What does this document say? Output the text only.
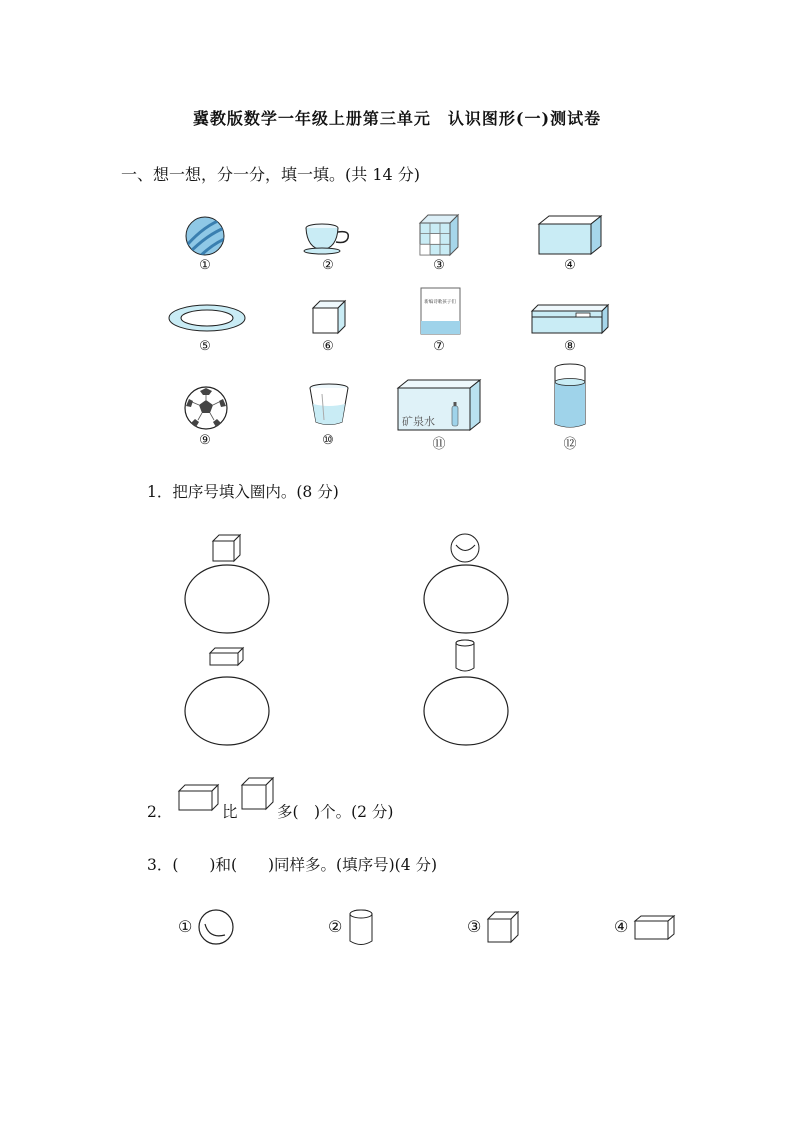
冀教版数学一年级上册第三单元　认识图形(一)测试卷
一、想一想，分一分，填一填。(共 14 分)
①	②	③	④
⑤	⑥
新编诗歌孩子们
⑦	⑧
⑨	⑩
矿泉水
⑪	⑫
1．把序号填入圈内。(8 分)
2．	比	多(　)个。(2 分)
3．(　　)和(　　)同样多。(填序号)(4 分)
①	②	③	④
